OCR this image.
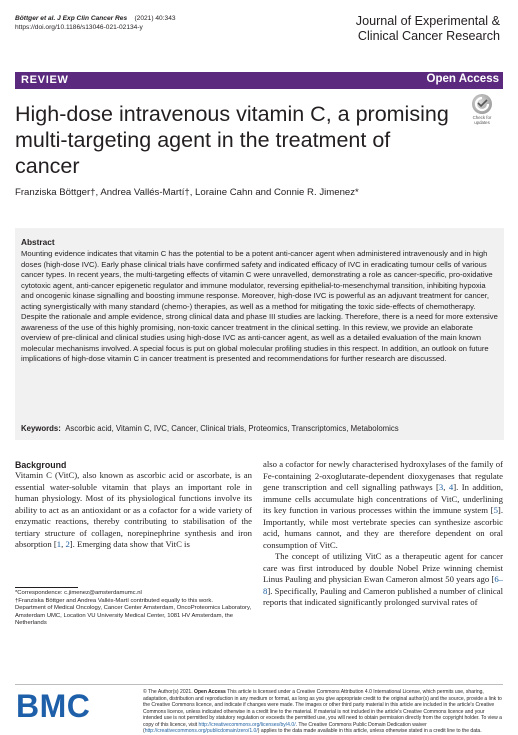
Böttger et al. J Exp Clin Cancer Res (2021) 40:343
https://doi.org/10.1186/s13046-021-02134-y	Journal of Experimental & Clinical Cancer Research
REVIEW	Open Access
Check for
updates
High-dose intravenous vitamin C, a promising multi-targeting agent in the treatment of cancer
Franziska Böttger†, Andrea Vallés-Martí†, Loraine Cahn and Connie R. Jimenez*
Abstract
Mounting evidence indicates that vitamin C has the potential to be a potent anti-cancer agent when administered intravenously and in high doses (high-dose IVC). Early phase clinical trials have confirmed safety and indicated efficacy of IVC in eradicating tumour cells of various cancer types. In recent years, the multi-targeting effects of vitamin C were unravelled, demonstrating a role as cancer-specific, pro-oxidative cytotoxic agent, anti-cancer epigenetic regulator and immune modulator, reversing epithelial-to-mesenchymal transition, inhibiting hypoxia and oncogenic kinase signalling and boosting immune response. Moreover, high-dose IVC is powerful as an adjuvant treatment for cancer, acting synergistically with many standard (chemo-) therapies, as well as a method for mitigating the toxic side-effects of chemotherapy. Despite the rationale and ample evidence, strong clinical data and phase III studies are lacking. Therefore, there is a need for more extensive awareness of the use of this highly promising, non-toxic cancer treatment in the clinical setting. In this review, we provide an elaborate overview of pre-clinical and clinical studies using high-dose IVC as anti-cancer agent, as well as a detailed evaluation of the main known molecular mechanisms involved. A special focus is put on global molecular profiling studies in this respect. In addition, an outlook on future implications of high-dose vitamin C in cancer treatment is presented and recommendations for further research are discussed.
Keywords: Ascorbic acid, Vitamin C, IVC, Cancer, Clinical trials, Proteomics, Transcriptomics, Metabolomics
Background
Vitamin C (VitC), also known as ascorbic acid or ascorbate, is an essential water-soluble vitamin that plays an important role in human physiology. Most of its physiological functions involve its ability to act as an antioxidant or as a cofactor for a wide variety of enzymatic reactions, thereby contributing to stabilisation of the tertiary structure of collagen, norepinephrine synthesis and iron absorption [1, 2]. Emerging data show that VitC is

also a cofactor for newly characterised hydroxylases of the family of Fe-containing 2-oxoglutarate-dependent dioxygenases that regulate gene transcription and cell signalling pathways [3, 4]. In addition, immune cells accumulate high concentrations of VitC, underlining its key function in various processes within the immune system [5]. Importantly, while most vertebrate species can synthesize ascorbic acid, humans cannot, and they are therefore dependent on oral consumption of VitC.

The concept of utilizing VitC as a therapeutic agent for cancer care was first introduced by double Nobel Prize winning chemist Linus Pauling and physician Ewan Cameron almost 50 years ago [6–8]. Specifically, Pauling and Cameron published a number of clinical reports that indicated significantly prolonged survival rates of

*Correspondence: c.jimenez@amsterdamumc.nl

†Franziska Böttger and Andrea Vallés-Martí contributed equally to this work.

Department of Medical Oncology, Cancer Center Amsterdam, OncoProteomics Laboratory, Amsterdam UMC, Location VU University Medical Center, 1081 HV Amsterdam, the Netherlands

BMC	© The Author(s) 2021. Open Access This article is licensed under a Creative Commons Attribution 4.0 International License, which permits use, sharing, adaptation, distribution and reproduction in any medium or format, as long as you give appropriate credit to the original author(s) and the source, provide a link to the Creative Commons licence, and indicate if changes were made. The images or other third party material in this article are included in the article's Creative Commons licence, unless indicated otherwise in a credit line to the material. If material is not included in the article's Creative Commons licence and your intended use is not permitted by statutory regulation or exceeds the permitted use, you will need to obtain permission directly from the copyright holder. To view a copy of this licence, visit http://creativecommons.org/licenses/by/4.0/. The Creative Commons Public Domain Dedication waiver (http://creativecommons.org/publicdomain/zero/1.0/) applies to the data made available in this article, unless otherwise stated in a credit line to the data.
